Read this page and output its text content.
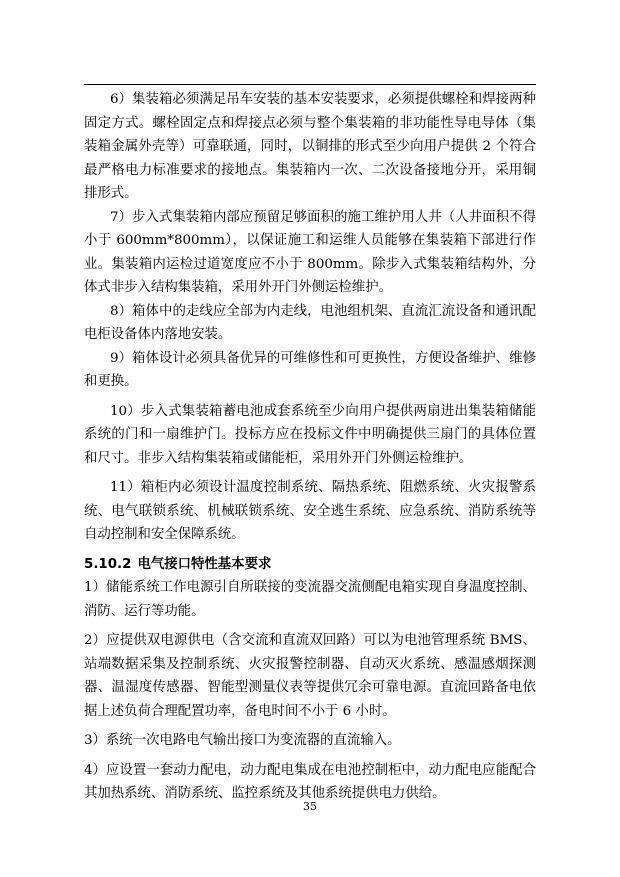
6）集装箱必须满足吊车安装的基本安装要求，必须提供螺栓和焊接两种固定方式。螺栓固定点和焊接点必须与整个集装箱的非功能性导电导体（集装箱金属外壳等）可靠联通，同时，以铜排的形式至少向用户提供 2 个符合最严格电力标准要求的接地点。集装箱内一次、二次设备接地分开，采用铜排形式。

7）步入式集装箱内部应预留足够面积的施工维护用人井（人井面积不得小于 600mm*800mm），以保证施工和运维人员能够在集装箱下部进行作业。集装箱内运检过道宽度应不小于 800mm。除步入式集装箱结构外，分体式非步入结构集装箱，采用外开门外侧运检维护。

8）箱体中的走线应全部为内走线，电池组机架、直流汇流设备和通讯配电柜设备体内落地安装。

9）箱体设计必须具备优异的可维修性和可更换性，方便设备维护、维修和更换。

10）步入式集装箱蓄电池成套系统至少向用户提供两扇进出集装箱储能系统的门和一扇维护门。投标方应在投标文件中明确提供三扇门的具体位置和尺寸。非步入结构集装箱或储能柜，采用外开门外侧运检维护。

11）箱柜内必须设计温度控制系统、隔热系统、阻燃系统、火灾报警系统、电气联锁系统、机械联锁系统、安全逃生系统、应急系统、消防系统等自动控制和安全保障系统。

5.10.2 电气接口特性基本要求

1）储能系统工作电源引自所联接的变流器交流侧配电箱实现自身温度控制、消防、运行等功能。

2）应提供双电源供电（含交流和直流双回路）可以为电池管理系统 BMS、站端数据采集及控制系统、火灾报警控制器、自动灭火系统、感温感烟探测器、温湿度传感器、智能型测量仪表等提供冗余可靠电源。直流回路备电依据上述负荷合理配置功率，备电时间不小于 6 小时。

3）系统一次电路电气输出接口为变流器的直流输入。

4）应设置一套动力配电，动力配电集成在电池控制柜中，动力配电应能配合其加热系统、消防系统、监控系统及其他系统提供电力供给。

35
